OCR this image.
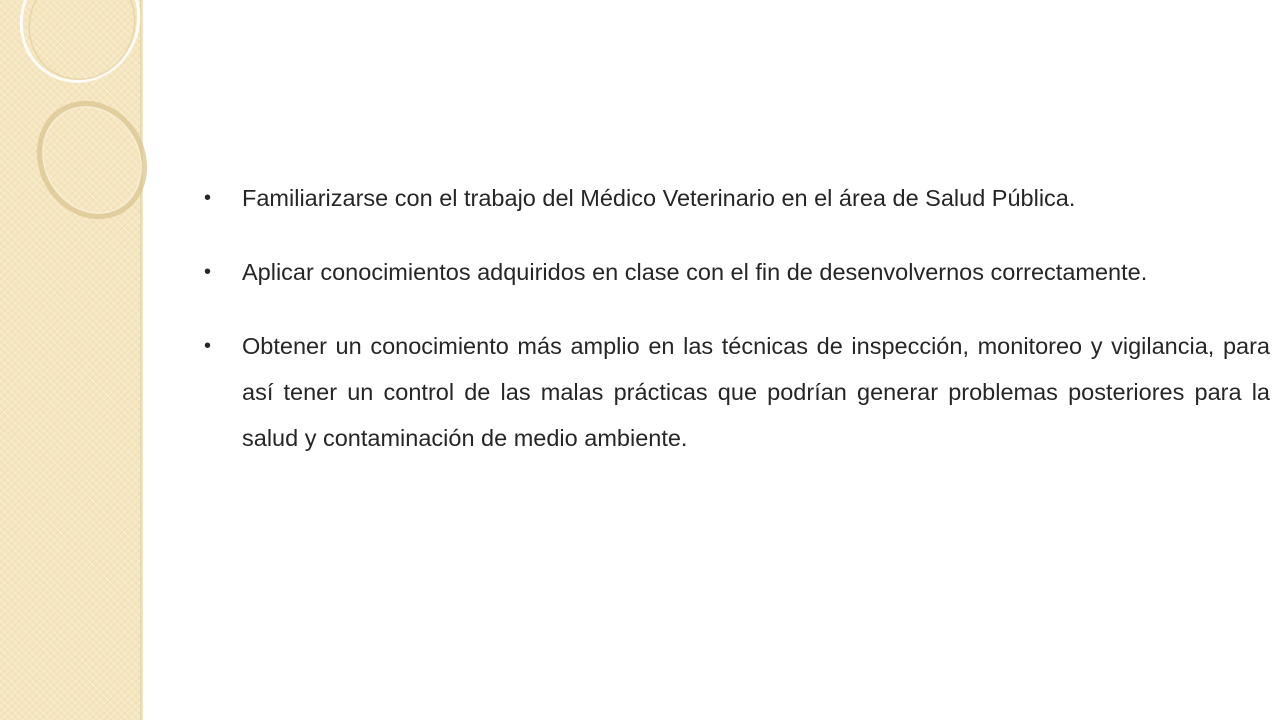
•	Familiarizarse con el trabajo del Médico Veterinario en el área de Salud Pública.
•	Aplicar conocimientos adquiridos en clase con el fin de desenvolvernos correctamente.
•	Obtener un conocimiento más amplio en las técnicas de inspección, monitoreo y vigilancia, para así tener un control de las malas prácticas que podrían generar problemas posteriores para la salud y contaminación de medio ambiente.
